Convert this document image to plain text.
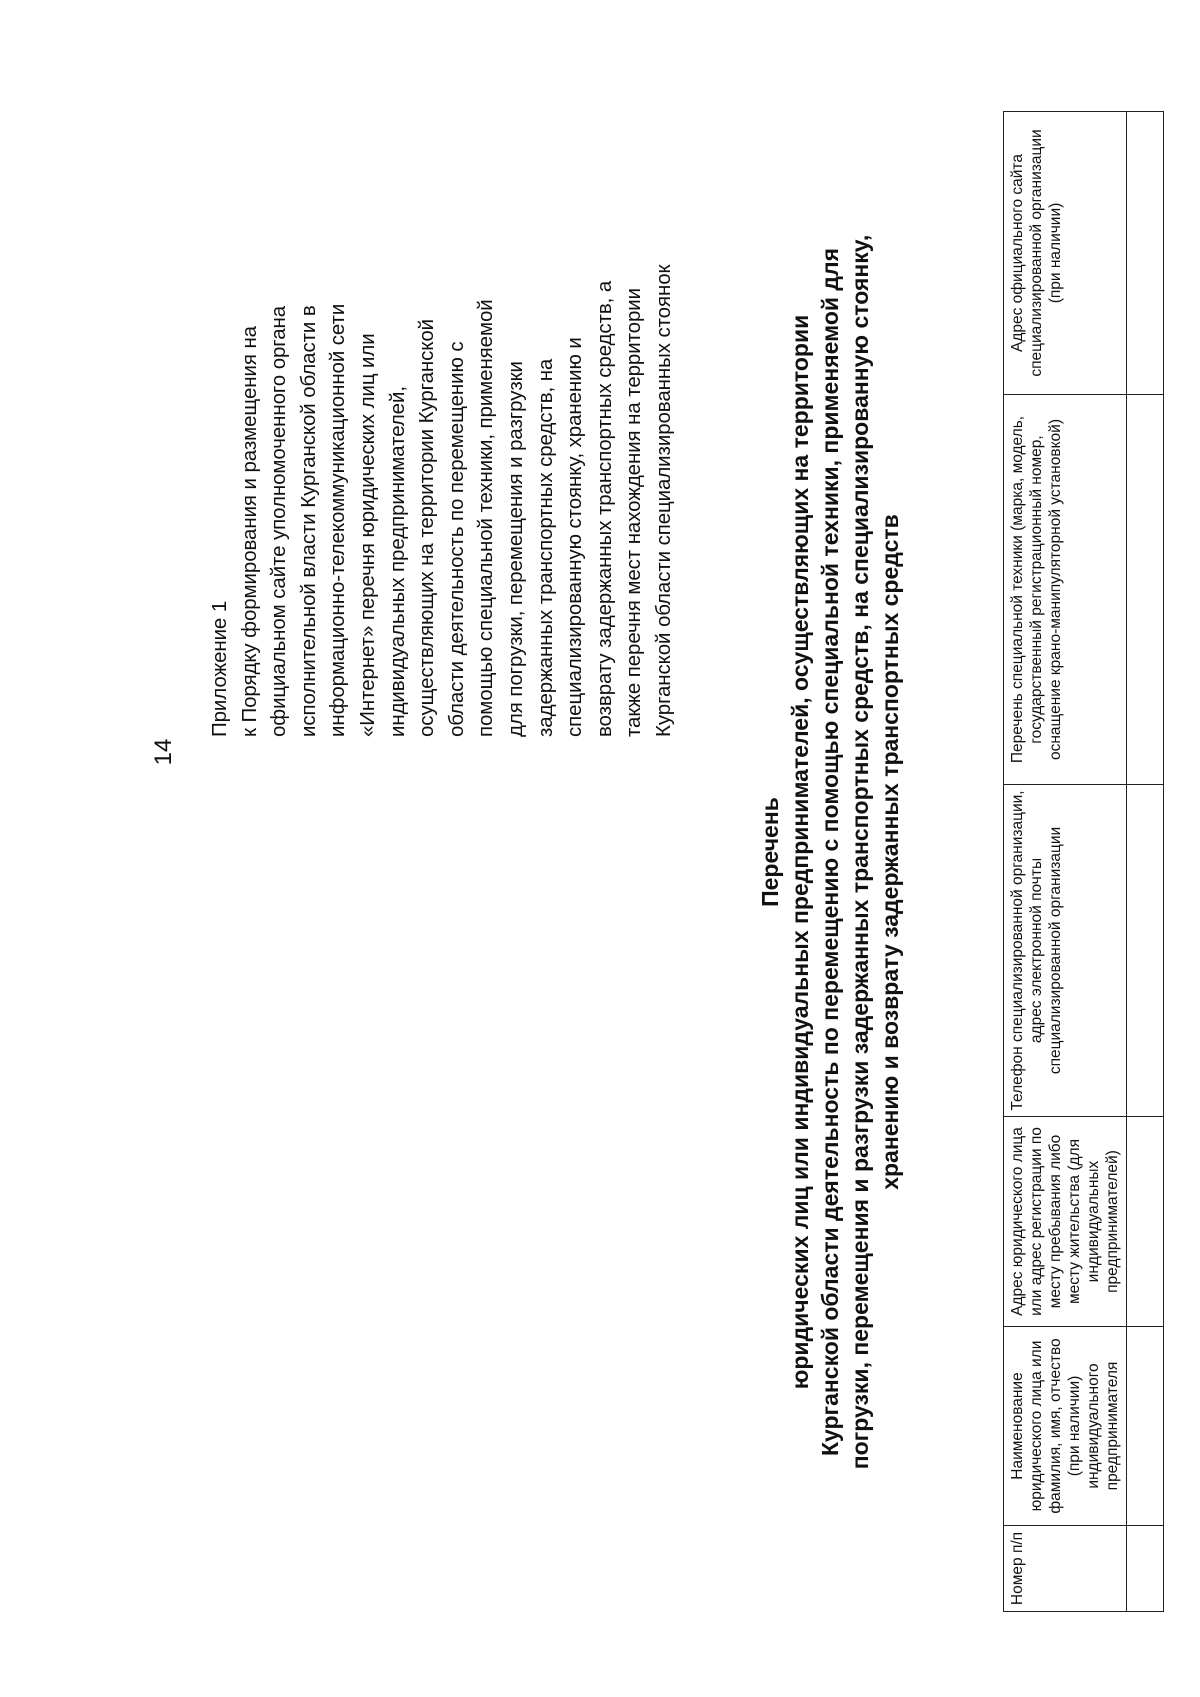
14
Приложение 1 к Порядку формирования и размещения на официальном сайте уполномоченного органа исполнительной власти Курганской области в информационно-телекоммуникационной сети «Интернет» перечня юридических лиц или индивидуальных предпринимателей, осуществляющих на территории Курганской области деятельность по перемещению с помощью специальной техники, применяемой для погрузки, перемещения и разгрузки задержанных транспортных средств, на специализированную стоянку, хранению и возврату задержанных транспортных средств, а также перечня мест нахождения на территории Курганской области специализированных стоянок
Перечень юридических лиц или индивидуальных предпринимателей, осуществляющих на территории Курганской области деятельность по перемещению с помощью специальной техники, применяемой для погрузки, перемещения и разгрузки задержанных транспортных средств, на специализированную стоянку, хранению и возврату задержанных транспортных средств
Номер п/п	Наименование юридического лица или фамилия, имя, отчество (при наличии) индивидуального предпринимателя	Адрес юридического лица или адрес регистрации по месту пребывания либо месту жительства (для индивидуальных предпринимателей)	Телефон специализированной организации, адрес электронной почты специализированной организации	Перечень специальной техники (марка, модель, государственный регистрационный номер, оснащение крано-манипуляторной установкой)	Адрес официального сайта специализированной организации (при наличии)
